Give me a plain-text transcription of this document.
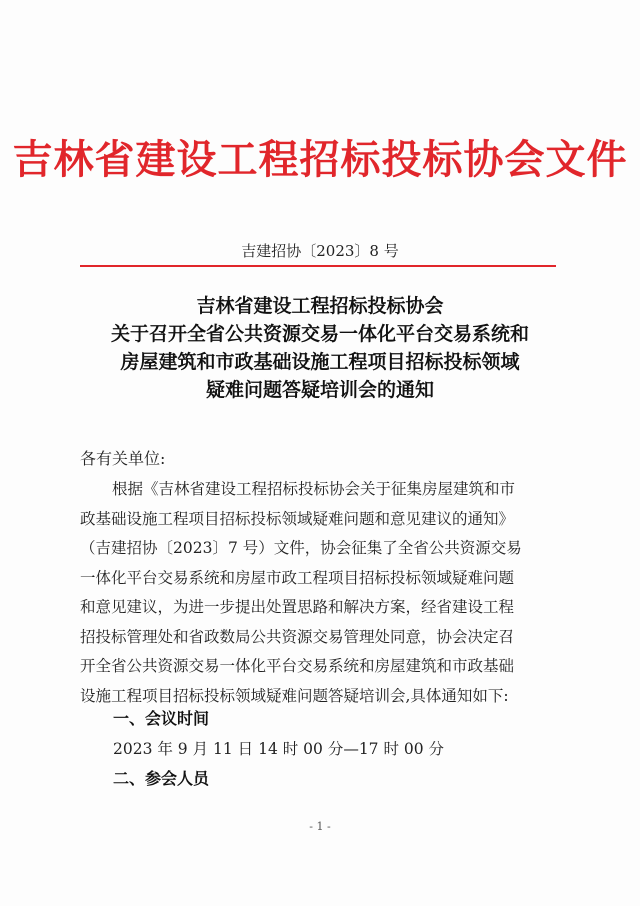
吉林省建设工程招标投标协会文件
吉建招协〔2023〕8 号
吉林省建设工程招标投标协会
关于召开全省公共资源交易一体化平台交易系统和
房屋建筑和市政基础设施工程项目招标投标领域
疑难问题答疑培训会的通知
各有关单位:
根据《吉林省建设工程招标投标协会关于征集房屋建筑和市
政基础设施工程项目招标投标领域疑难问题和意见建议的通知》
（吉建招协〔2023〕7 号）文件，协会征集了全省公共资源交易
一体化平台交易系统和房屋市政工程项目招标投标领域疑难问题
和意见建议，为进一步提出处置思路和解决方案，经省建设工程
招投标管理处和省政数局公共资源交易管理处同意，协会决定召
开全省公共资源交易一体化平台交易系统和房屋建筑和市政基础
设施工程项目招标投标领域疑难问题答疑培训会,具体通知如下:
一、会议时间
2023 年 9 月 11 日 14 时 00 分—17 时 00 分
二、参会人员
- 1 -
